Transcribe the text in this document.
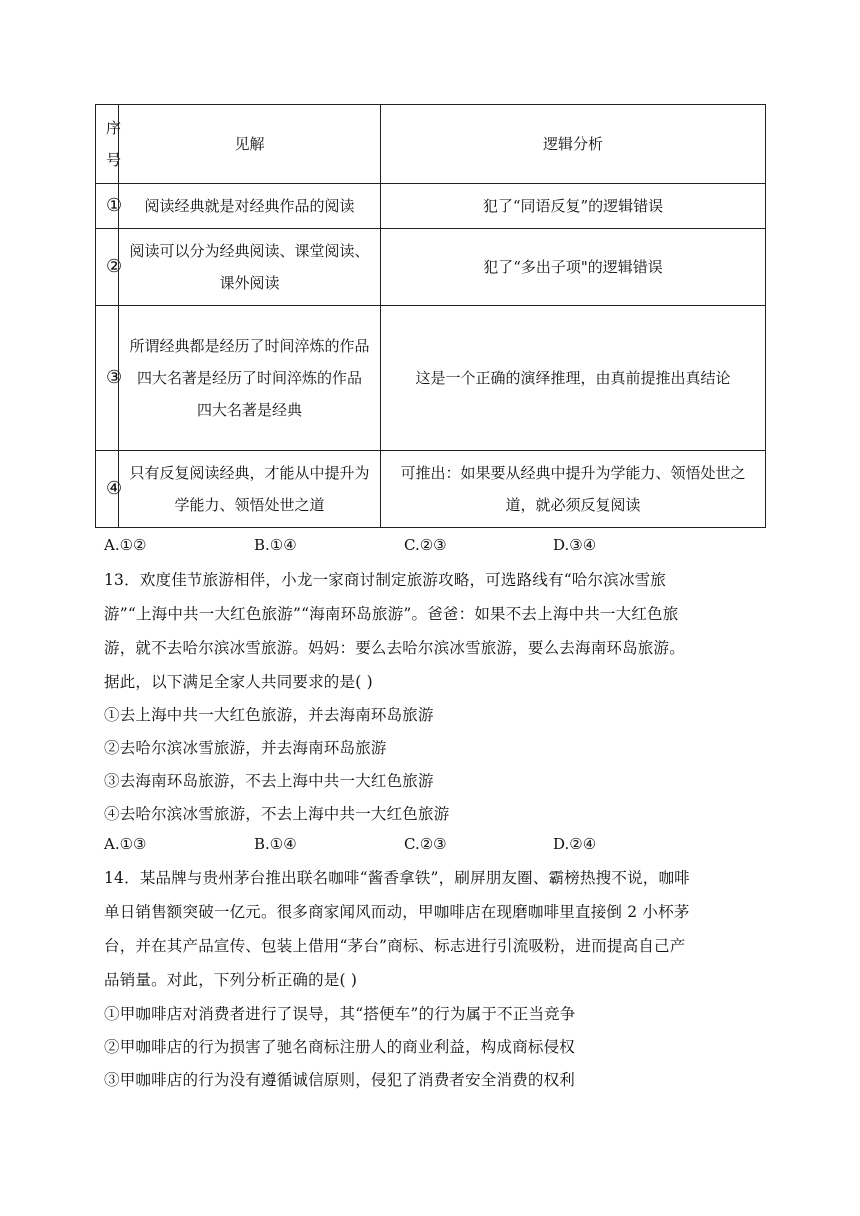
序
号	见解	逻辑分析
①	阅读经典就是对经典作品的阅读	犯了“同语反复”的逻辑错误
②	阅读可以分为经典阅读、课堂阅读、课外阅读	犯了“多出子项"的逻辑错误
③	所谓经典都是经历了时间淬炼的作品
四大名著是经历了时间淬炼的作品
四大名著是经典	这是一个正确的演绎推理，由真前提推出真结论
④	只有反复阅读经典，才能从中提升为学能力、领悟处世之道	可推出：如果要从经典中提升为学能力、领悟处世之道，就必须反复阅读
A.①②	B.①④	C.②③	D.③④
13．欢度佳节旅游相伴，小龙一家商讨制定旅游攻略，可选路线有“哈尔滨冰雪旅
游”“上海中共一大红色旅游”“海南环岛旅游”。爸爸：如果不去上海中共一大红色旅
游，就不去哈尔滨冰雪旅游。妈妈：要么去哈尔滨冰雪旅游，要么去海南环岛旅游。
据此，以下满足全家人共同要求的是( )
①去上海中共一大红色旅游，并去海南环岛旅游
②去哈尔滨冰雪旅游，并去海南环岛旅游
③去海南环岛旅游，不去上海中共一大红色旅游
④去哈尔滨冰雪旅游，不去上海中共一大红色旅游
A.①③	B.①④	C.②③	D.②④
14．某品牌与贵州茅台推出联名咖啡“酱香拿铁”，刷屏朋友圈、霸榜热搜不说，咖啡
单日销售额突破一亿元。很多商家闻风而动，甲咖啡店在现磨咖啡里直接倒 2 小杯茅
台，并在其产品宣传、包装上借用“茅台”商标、标志进行引流吸粉，进而提高自己产
品销量。对此，下列分析正确的是( )
①甲咖啡店对消费者进行了误导，其“搭便车”的行为属于不正当竞争
②甲咖啡店的行为损害了驰名商标注册人的商业利益，构成商标侵权
③甲咖啡店的行为没有遵循诚信原则，侵犯了消费者安全消费的权利
